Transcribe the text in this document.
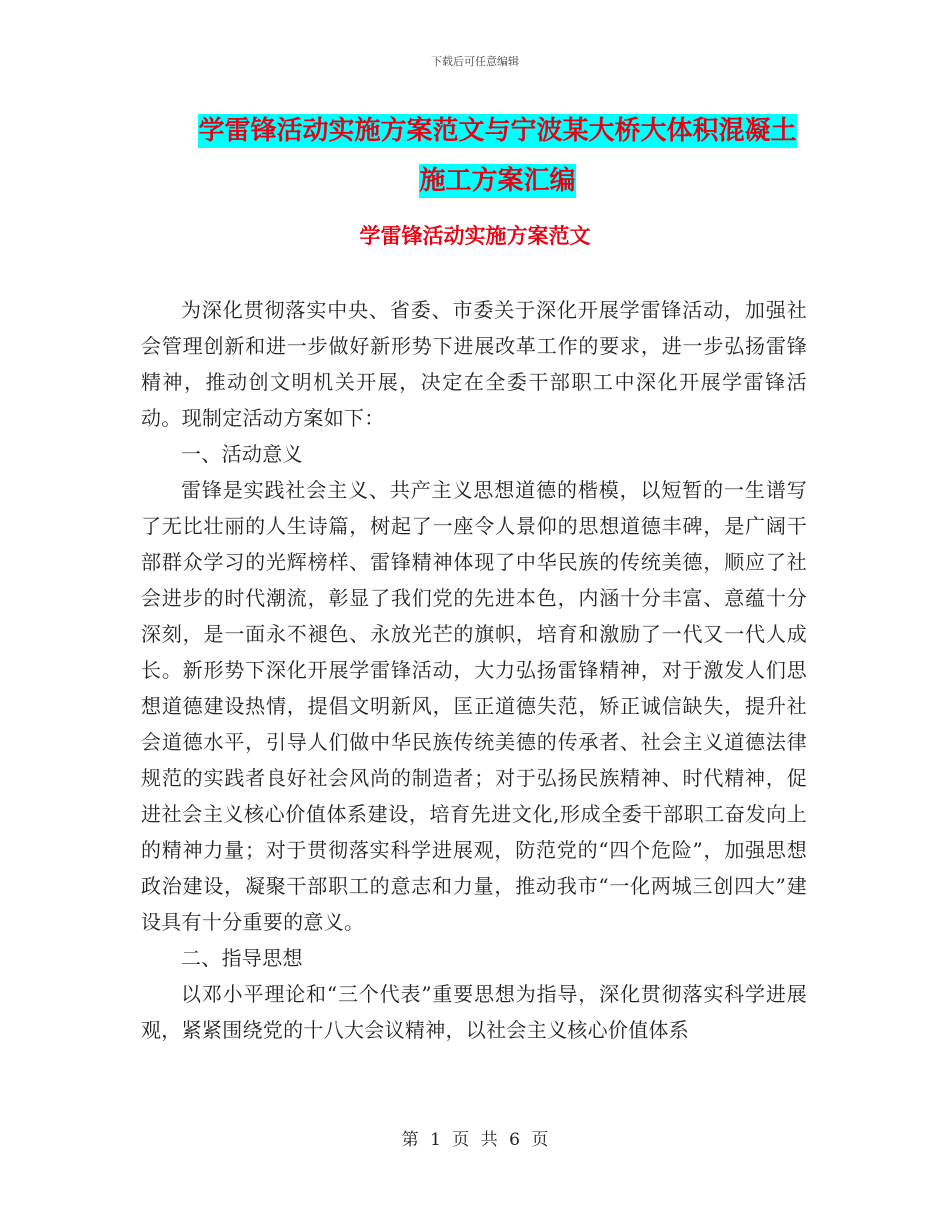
下载后可任意编辑
学雷锋活动实施方案范文与宁波某大桥大体积混凝土
施工方案汇编
学雷锋活动实施方案范文

为深化贯彻落实中央、省委、市委关于深化开展学雷锋活动，加强社会管理创新和进一步做好新形势下进展改革工作的要求，进一步弘扬雷锋精神，推动创文明机关开展，决定在全委干部职工中深化开展学雷锋活动。现制定活动方案如下：

一、活动意义

雷锋是实践社会主义、共产主义思想道德的楷模，以短暂的一生谱写了无比壮丽的人生诗篇，树起了一座令人景仰的思想道德丰碑，是广阔干部群众学习的光辉榜样、雷锋精神体现了中华民族的传统美德，顺应了社会进步的时代潮流，彰显了我们党的先进本色，内涵十分丰富、意蕴十分深刻，是一面永不褪色、永放光芒的旗帜，培育和激励了一代又一代人成长。新形势下深化开展学雷锋活动，大力弘扬雷锋精神，对于激发人们思想道德建设热情，提倡文明新风，匡正道德失范，矫正诚信缺失，提升社会道德水平，引导人们做中华民族传统美德的传承者、社会主义道德法律规范的实践者良好社会风尚的制造者；对于弘扬民族精神、时代精神，促进社会主义核心价值体系建设，培育先进文化,形成全委干部职工奋发向上的精神力量；对于贯彻落实科学进展观，防范党的“四个危险”，加强思想政治建设，凝聚干部职工的意志和力量，推动我市“一化两城三创四大”建设具有十分重要的意义。

二、指导思想

以邓小平理论和“三个代表”重要思想为指导，深化贯彻落实科学进展观，紧紧围绕党的十八大会议精神，以社会主义核心价值体系

第 1 页 共 6 页
